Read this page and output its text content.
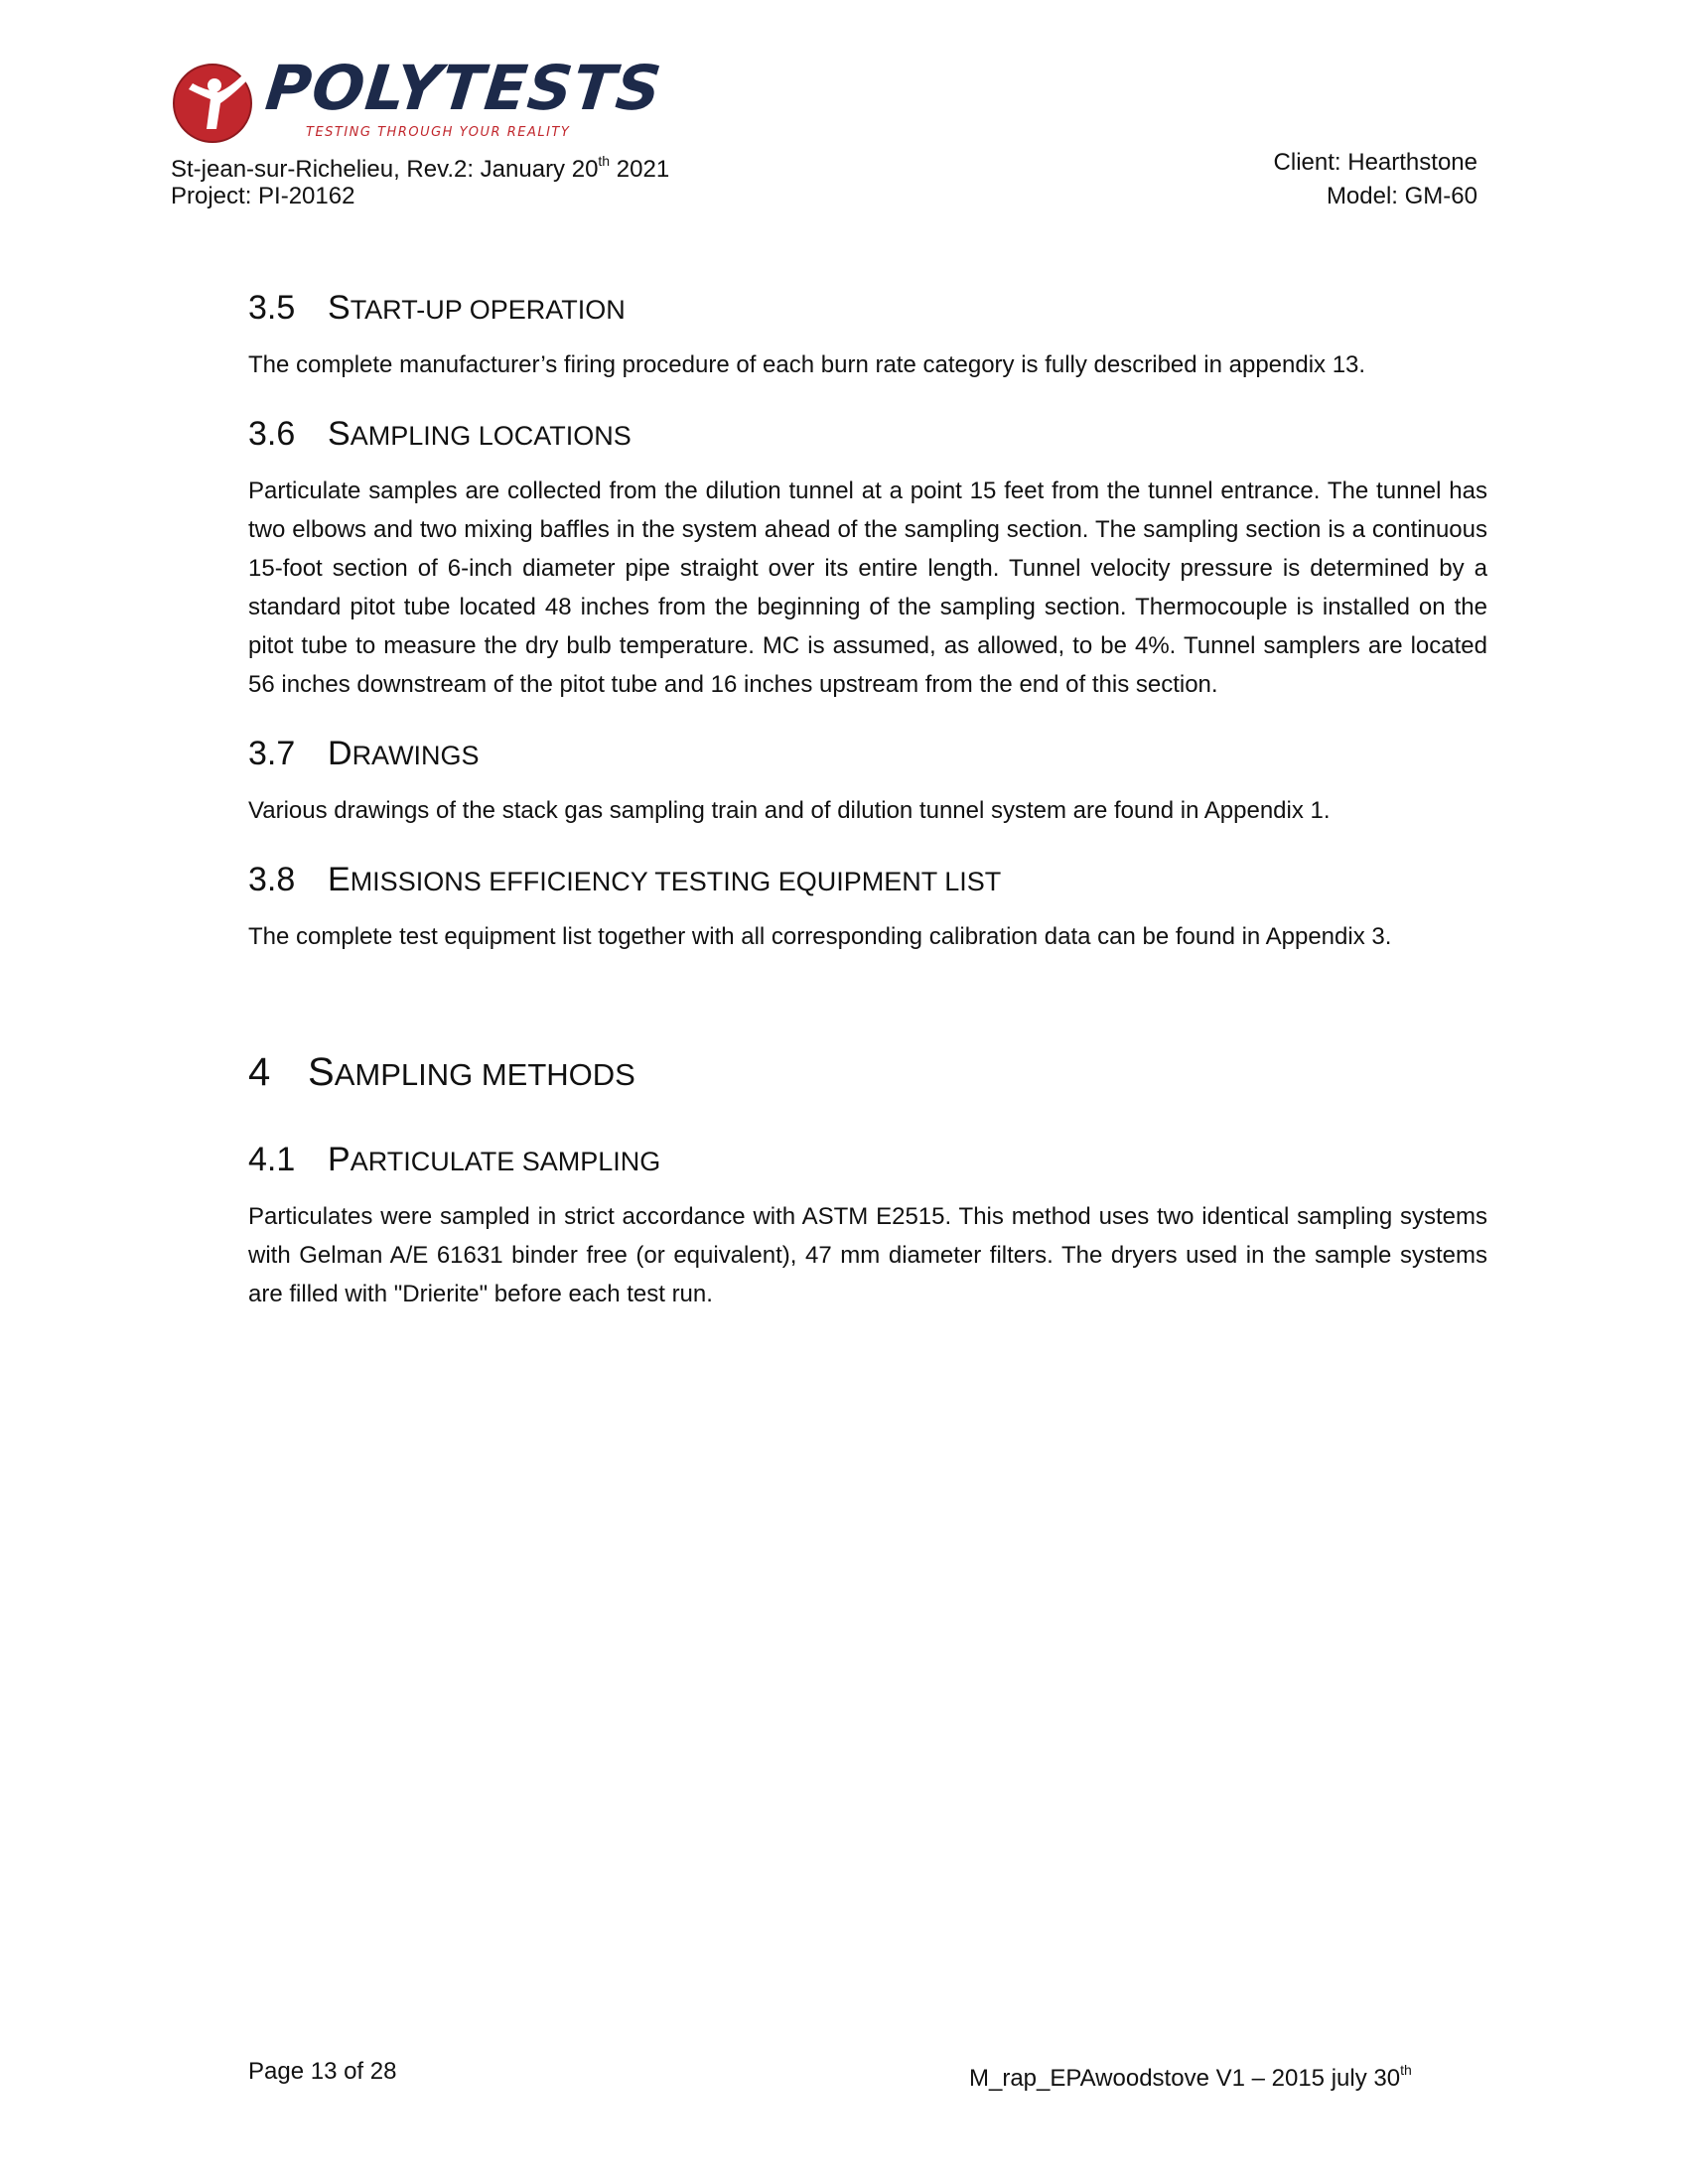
POLYTESTS
TESTING THROUGH YOUR REALITY
St-jean-sur-Richelieu, Rev.2: January 20th 2021
Project: PI-20162
Client: Hearthstone
Model: GM-60
3.5 START-UP OPERATION

The complete manufacturer’s firing procedure of each burn rate category is fully described in appendix 13.

3.6 SAMPLING LOCATIONS

Particulate samples are collected from the dilution tunnel at a point 15 feet from the tunnel entrance. The tunnel has two elbows and two mixing baffles in the system ahead of the sampling section. The sampling section is a continuous 15-foot section of 6-inch diameter pipe straight over its entire length. Tunnel velocity pressure is determined by a standard pitot tube located 48 inches from the beginning of the sampling section. Thermocouple is installed on the pitot tube to measure the dry bulb temperature. MC is assumed, as allowed, to be 4%. Tunnel samplers are located 56 inches downstream of the pitot tube and 16 inches upstream from the end of this section.

3.7 DRAWINGS

Various drawings of the stack gas sampling train and of dilution tunnel system are found in Appendix 1.

3.8 EMISSIONS EFFICIENCY TESTING EQUIPMENT LIST

The complete test equipment list together with all corresponding calibration data can be found in Appendix 3.

4 SAMPLING METHODS
4.1 PARTICULATE SAMPLING

Particulates were sampled in strict accordance with ASTM E2515. This method uses two identical sampling systems with Gelman A/E 61631 binder free (or equivalent), 47 mm diameter filters. The dryers used in the sample systems are filled with "Drierite" before each test run.

Page 13 of 28	M_rap_EPAwoodstove V1 – 2015 july 30th
